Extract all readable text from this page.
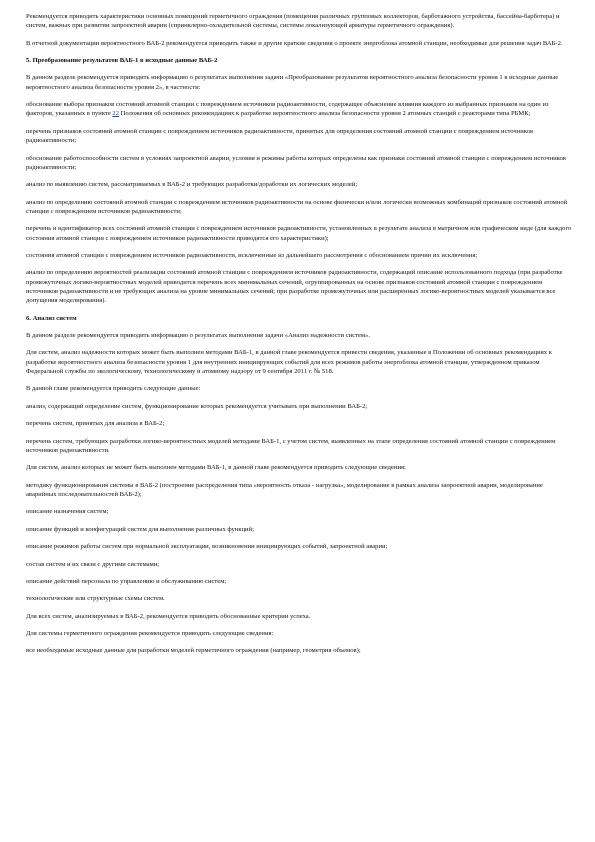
Рекомендуется приводить характеристики основных помещений герметичного ограждения (помещения различных групповых коллекторов, барботажного устройства, бассейна-барботера) и систем, важных при развитии запроектной аварии (спринклерно-охладительной системы, системы локализующей арматуры герметичного ограждения).

В отчетной документации вероятностного ВАБ-2 рекомендуется приводить также и другие краткие сведения о проекте энергоблока атомной станции, необходимые для решения задач ВАБ-2.

5. Преобразование результатов ВАБ-1 в исходные данные ВАБ-2

В данном разделе рекомендуется приводить информацию о результатах выполнения задачи «Преобразование результатов вероятностного анализа безопасности уровня 1 в исходные данные вероятностного анализа безопасности уровня 2», в частности:

обоснование выбора признаков состояний атомной станции с повреждением источников радиоактивности, содержащее объяснение влияния каждого из выбранных признаков на один из факторов, указанных в пункте 22 Положения об основных рекомендациях к разработке вероятностного анализа безопасности уровня 2 атомных станций с реакторами типа РБМК;

перечень признаков состояний атомной станции с повреждением источников радиоактивности, принятых для определения состояний атомной станции с повреждением источников радиоактивности;

обоснование работоспособности систем в условиях запроектной аварии, условия и режимы работы которых определены как признаки состояний атомной станции с повреждением источников радиоактивности;

анализ по выявлению систем, рассматриваемых в ВАБ-2 и требующих разработки/доработки их логических моделей;

анализ по определению состояний атомной станции с повреждением источников радиоактивности на основе физически и/или логически возможных комбинаций признаков состояний атомной станции с повреждением источников радиоактивности;

перечень и идентификатор всех состояний атомной станции с повреждением источников радиоактивности, установленных в результате анализа в матричном или графическом виде (для каждого состояния атомной станции с повреждением источников радиоактивности приводятся его характеристики);

состояния атомной станции с повреждением источников радиоактивности, исключенные из дальнейшего рассмотрения с обоснованием причин их исключения;

анализ по определению вероятностей реализации состояний атомной станции с повреждением источников радиоактивности, содержащий описание использованного подхода (при разработке промежуточных логико-вероятностных моделей приводится перечень всех минимальных сечений, огруппированных на основе признаков состояний атомной станции с повреждением источников радиоактивности и не требующих анализа на уровне минимальных сечений; при разработке промежуточных или расширенных логико-вероятностных моделей указывается все допущения моделирования).

6. Анализ систем

В данном разделе рекомендуется приводить информацию о результатах выполнения задачи «Анализ надежности систем».

Для систем, анализ надежности которых может быть выполнен методами ВАБ-1, в данной главе рекомендуется привести сведения, указанные в Положении об основных рекомендациях к разработке вероятностного анализа безопасности уровня 1 для внутренних инициирующих событий для всех режимов работы энергоблока атомной станции, утвержденном приказом Федеральной службы по экологическому, технологическому и атомному надзору от 9 сентября 2011 г. № 518.

В данной главе рекомендуется приводить следующие данные:

анализ, содержащий определение систем, функционирование которых рекомендуется учитывать при выполнении ВАБ-2;

перечень систем, принятых для анализа в ВАБ-2;

перечень систем, требующих разработки логико-вероятностных моделей методами ВАБ-1, с учетом систем, выявленных на этапе определения состояний атомной станции с повреждением источников радиоактивности.

Для систем, анализ которых не может быть выполнен методами ВАБ-1, в данной главе рекомендуется приводить следующие сведения:

методику функционирования системы в ВАБ-2 (построение распределения типа «вероятность отказа - нагрузка», моделирование в рамках анализа запроектной аварии, моделирование аварийных последовательностей ВАБ-2);

описание назначения систем;

описание функций и конфигураций систем для выполнения различных функций;

описание режимов работы систем при нормальной эксплуатации, возникновении инициирующих событий, запроектной аварии;

состав систем и их связи с другими системами;

описание действий персонала по управлению и обслуживанию систем;

технологические или структурные схемы систем.

Для всех систем, анализируемых в ВАБ-2, рекомендуется приводить обоснованные критерии успеха.

Для системы герметичного ограждения рекомендуется приводить следующие сведения:

все необходимые исходные данные для разработки моделей герметичного ограждения (например, геометрия объемов);
